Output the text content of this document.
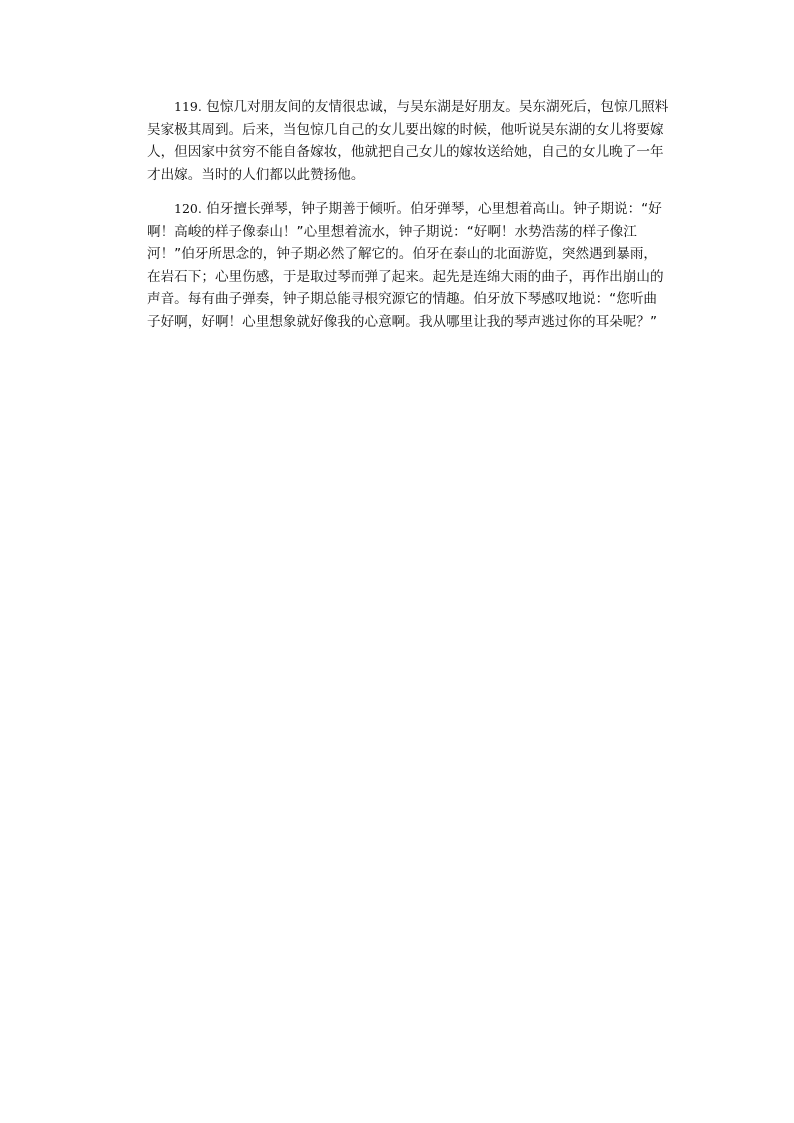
119. 包惊几对朋友间的友情很忠诚，与吴东湖是好朋友。吴东湖死后，包惊几照料
吴家极其周到。后来，当包惊几自己的女儿要出嫁的时候，他听说吴东湖的女儿将要嫁
人，但因家中贫穷不能自备嫁妆，他就把自己女儿的嫁妆送给她，自己的女儿晚了一年
才出嫁。当时的人们都以此赞扬他。
120. 伯牙擅长弹琴，钟子期善于倾听。伯牙弹琴，心里想着高山。钟子期说：“好
啊！高峻的样子像泰山！”心里想着流水，钟子期说：“好啊！水势浩荡的样子像江
河！”伯牙所思念的，钟子期必然了解它的。伯牙在泰山的北面游览，突然遇到暴雨，
在岩石下；心里伤感，于是取过琴而弹了起来。起先是连绵大雨的曲子，再作出崩山的
声音。每有曲子弹奏，钟子期总能寻根究源它的情趣。伯牙放下琴感叹地说：“您听曲
子好啊，好啊！心里想象就好像我的心意啊。我从哪里让我的琴声逃过你的耳朵呢？”
